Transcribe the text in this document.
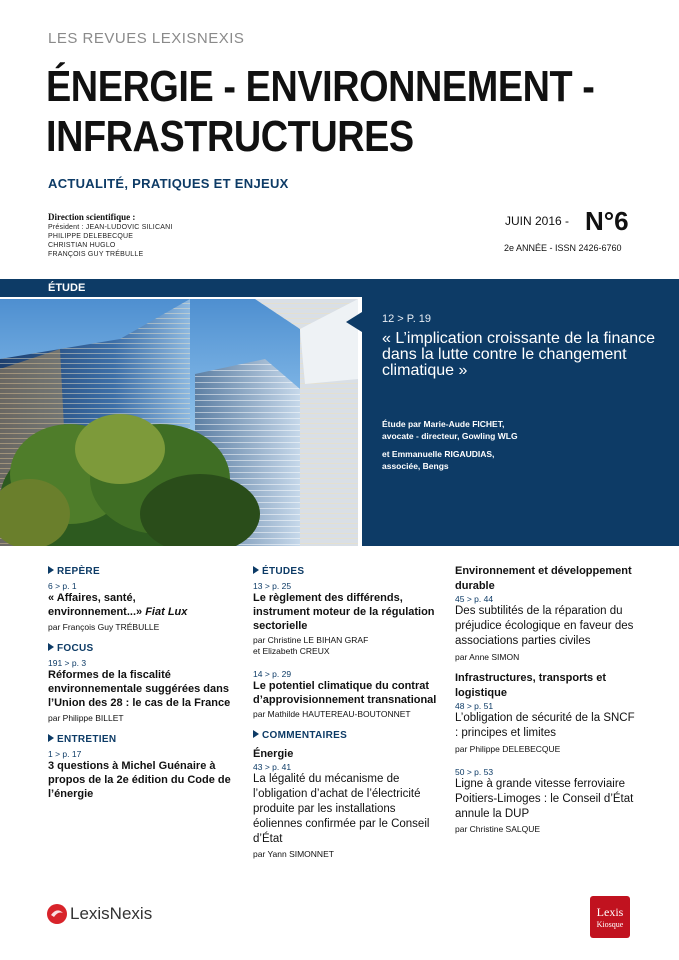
LES REVUES LEXISNEXIS
ÉNERGIE - ENVIRONNEMENT -
INFRASTRUCTURES
ACTUALITÉ, PRATIQUES ET ENJEUX
Direction scientifique :
Président : JEAN-LUDOVIC SILICANI
PHILIPPE DELEBECQUE
CHRISTIAN HUGLO
FRANÇOIS GUY TRÉBULLE
JUIN 2016 - N°6
2e ANNÉE - ISSN 2426-6760
ÉTUDE
12 > P. 19
« L’implication croissante de la finance dans la lutte contre le changement climatique »
Étude par Marie-Aude FICHET,
avocate - directeur, Gowling WLG
et Emmanuelle RIGAUDIAS,
associée, Bengs
REPÈRE
6 > p. 1
« Affaires, santé,
environnement...» Fiat Lux
par François Guy TRÉBULLE
FOCUS
191 > p. 3
Réformes de la fiscalité environnementale suggérées dans l’Union des 28 : le cas de la France
par Philippe BILLET
ENTRETIEN
1 > p. 17
3 questions à Michel Guénaire à propos de la 2e édition du Code de l’énergie
ÉTUDES
13 > p. 25
Le règlement des différends, instrument moteur de la régulation sectorielle
par Christine LE BIHAN GRAF
et Elizabeth CREUX
14 > p. 29
Le potentiel climatique du contrat d’approvisionnement transnational
par Mathilde HAUTEREAU-BOUTONNET
COMMENTAIRES
Énergie
43 > p. 41
La légalité du mécanisme de l’obligation d’achat de l’électricité produite par les installations éoliennes confirmée par le Conseil d’État
par Yann SIMONNET
Environnement et développement durable
45 > p. 44
Des subtilités de la réparation du préjudice écologique en faveur des associations parties civiles
par Anne SIMON
Infrastructures, transports et logistique
48 > p. 51
L’obligation de sécurité de la SNCF : principes et limites
par Philippe DELEBECQUE
50 > p. 53
Ligne à grande vitesse ferroviaire Poitiers-Limoges : le Conseil d’État annule la DUP
par Christine SALQUE
LexisNexis	Lexis
Kiosque
